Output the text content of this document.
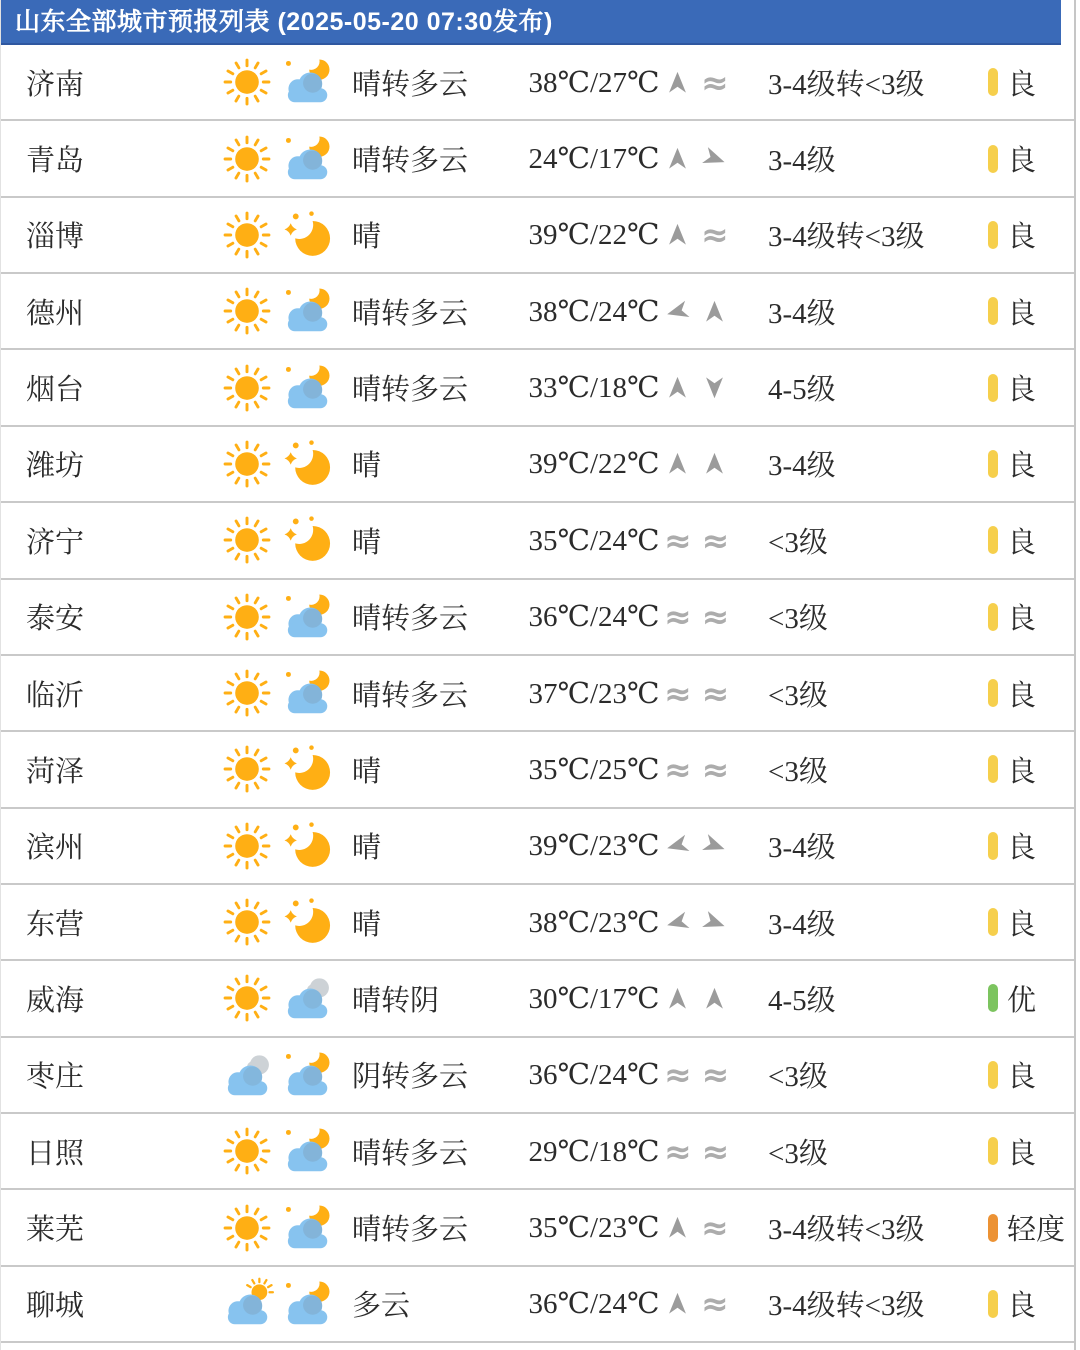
山东全部城市预报列表 (2025-05-20 07:30发布)
济南	晴转多云	38℃/27℃ ≈ 3-4级转<3级	良
青岛	晴转多云	24℃/17℃	3-4级	良
淄博	晴	39℃/22℃ ≈ 3-4级转<3级	良
德州	晴转多云	38℃/24℃	3-4级	良
烟台	晴转多云	33℃/18℃	4-5级	良
潍坊	晴	39℃/22℃	3-4级	良
济宁	晴	35℃/24℃ ≈ ≈ <3级	良
泰安	晴转多云	36℃/24℃ ≈ ≈ <3级	良
临沂	晴转多云	37℃/23℃ ≈ ≈ <3级	良
菏泽	晴	35℃/25℃ ≈ ≈ <3级	良
滨州	晴	39℃/23℃	3-4级	良
东营	晴	38℃/23℃	3-4级	良
威海	晴转阴	30℃/17℃	4-5级	优
枣庄	阴转多云	36℃/24℃ ≈ ≈ <3级	良
日照	晴转多云	29℃/18℃ ≈ ≈ <3级	良
莱芜	晴转多云	35℃/23℃ ≈ 3-4级转<3级	轻度
聊城	多云	36℃/24℃ ≈ 3-4级转<3级	良
